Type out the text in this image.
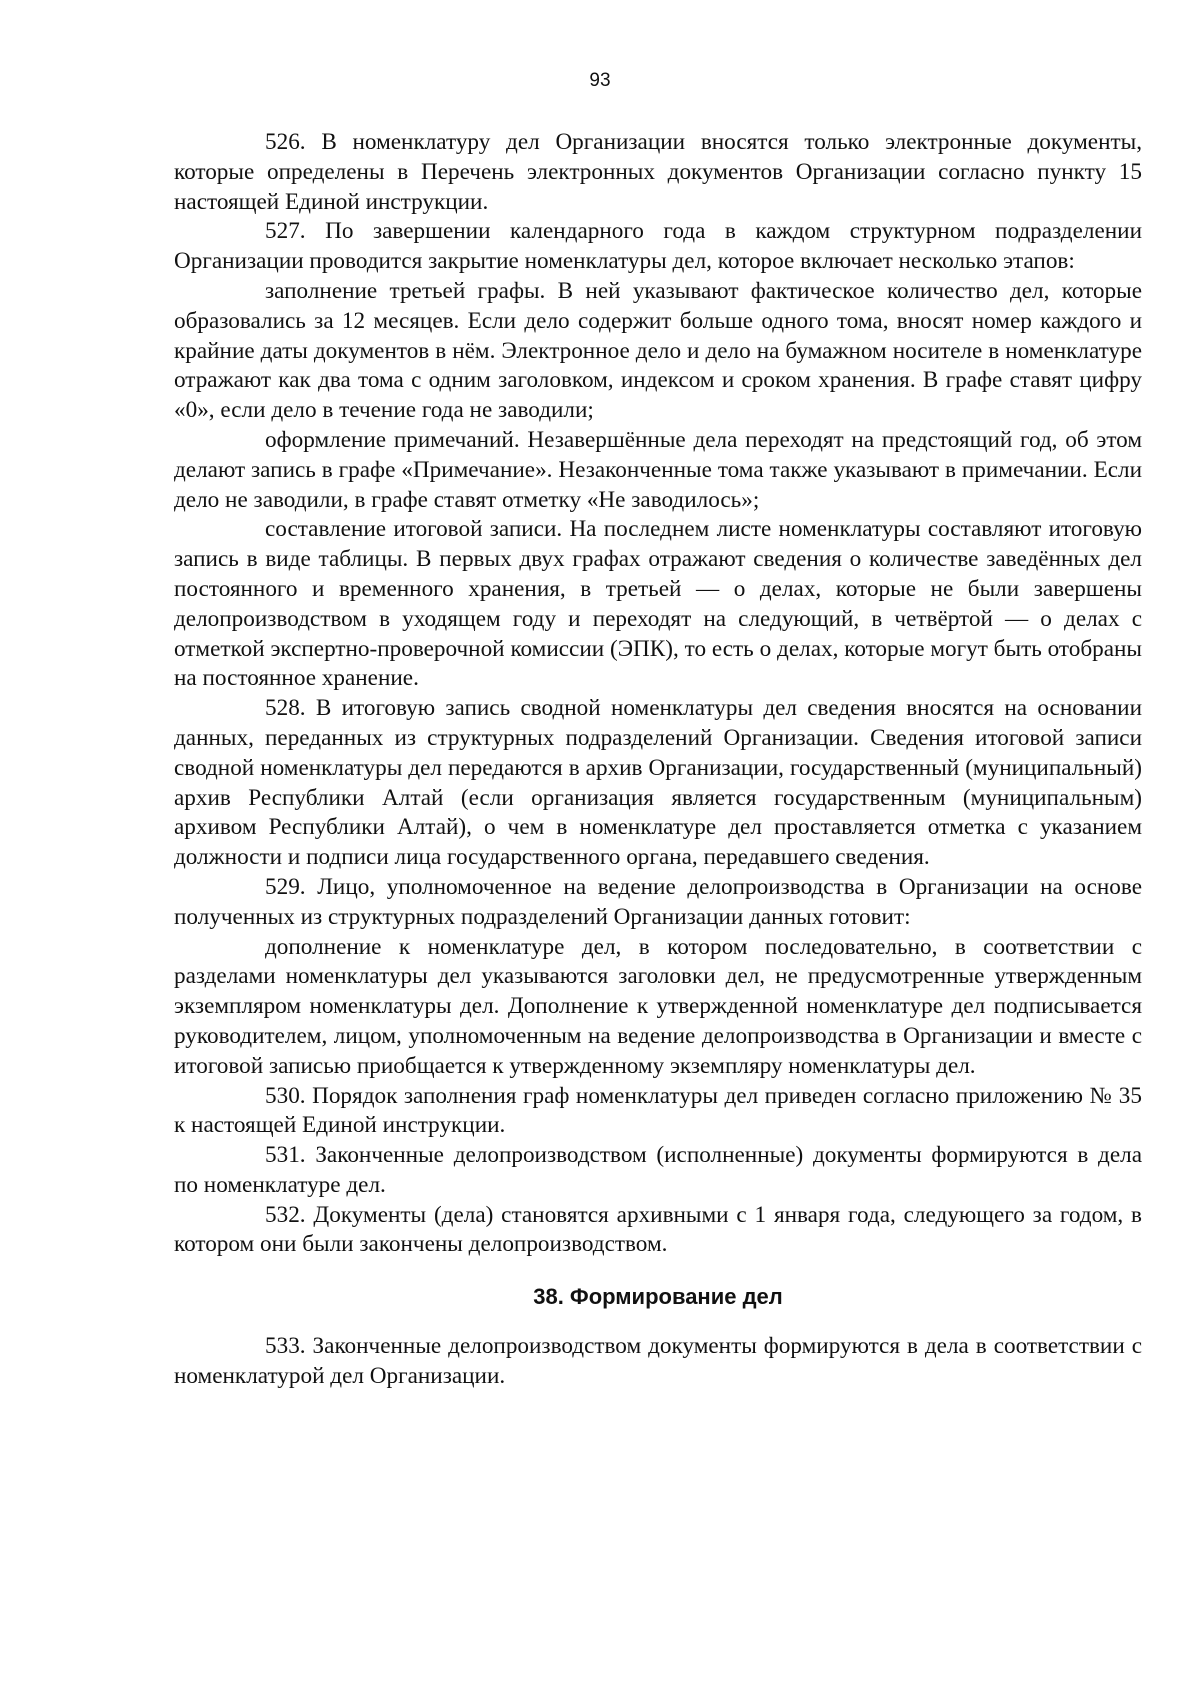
93

526. В номенклатуру дел Организации вносятся только электронные документы, которые определены в Перечень электронных документов Организации согласно пункту 15 настоящей Единой инструкции.

527. По завершении календарного года в каждом структурном подразделении Организации проводится закрытие номенклатуры дел, которое включает несколько этапов:

заполнение третьей графы. В ней указывают фактическое количество дел, которые образовались за 12 месяцев. Если дело содержит больше одного тома, вносят номер каждого и крайние даты документов в нём. Электронное дело и дело на бумажном носителе в номенклатуре отражают как два тома с одним заголовком, индексом и сроком хранения. В графе ставят цифру «0», если дело в течение года не заводили;

оформление примечаний. Незавершённые дела переходят на предстоящий год, об этом делают запись в графе «Примечание». Незаконченные тома также указывают в примечании. Если дело не заводили, в графе ставят отметку «Не заводилось»;

составление итоговой записи. На последнем листе номенклатуры составляют итоговую запись в виде таблицы. В первых двух графах отражают сведения о количестве заведённых дел постоянного и временного хранения, в третьей — о делах, которые не были завершены делопроизводством в уходящем году и переходят на следующий, в четвёртой — о делах с отметкой экспертно-проверочной комиссии (ЭПК), то есть о делах, которые могут быть отобраны на постоянное хранение.

528. В итоговую запись сводной номенклатуры дел сведения вносятся на основании данных, переданных из структурных подразделений Организации. Сведения итоговой записи сводной номенклатуры дел передаются в архив Организации, государственный (муниципальный) архив Республики Алтай (если организация является государственным (муниципальным) архивом Республики Алтай), о чем в номенклатуре дел проставляется отметка с указанием должности и подписи лица государственного органа, передавшего сведения.

529. Лицо, уполномоченное на ведение делопроизводства в Организации на основе полученных из структурных подразделений Организации данных готовит:

дополнение к номенклатуре дел, в котором последовательно, в соответствии с разделами номенклатуры дел указываются заголовки дел, не предусмотренные утвержденным экземпляром номенклатуры дел. Дополнение к утвержденной номенклатуре дел подписывается руководителем, лицом, уполномоченным на ведение делопроизводства в Организации и вместе с итоговой записью приобщается к утвержденному экземпляру номенклатуры дел.

530. Порядок заполнения граф номенклатуры дел приведен согласно приложению № 35 к настоящей Единой инструкции.

531. Законченные делопроизводством (исполненные) документы формируются в дела по номенклатуре дел.

532. Документы (дела) становятся архивными с 1 января года, следующего за годом, в котором они были закончены делопроизводством.

38. Формирование дел

533. Законченные делопроизводством документы формируются в дела в соответствии с номенклатурой дел Организации.
